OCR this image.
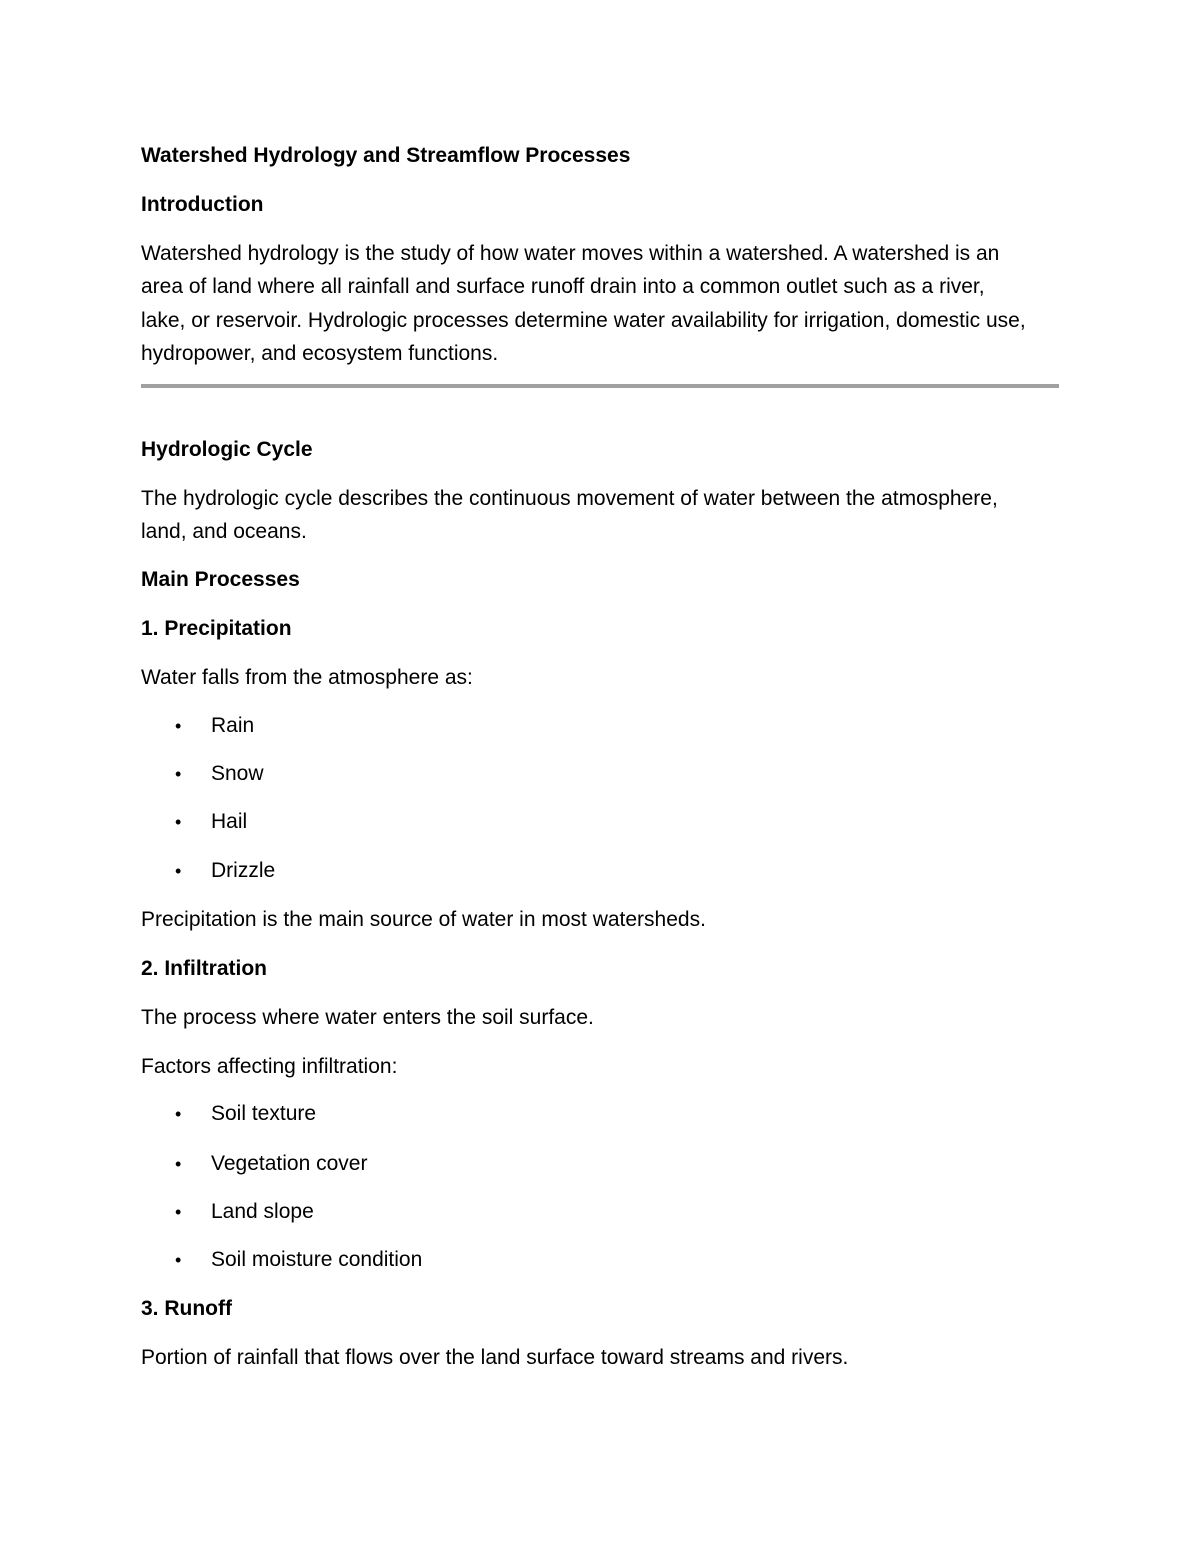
Watershed Hydrology and Streamflow Processes
Introduction
Watershed hydrology is the study of how water moves within a watershed. A watershed is an
area of land where all rainfall and surface runoff drain into a common outlet such as a river,
lake, or reservoir. Hydrologic processes determine water availability for irrigation, domestic use,
hydropower, and ecosystem functions.
Hydrologic Cycle
The hydrologic cycle describes the continuous movement of water between the atmosphere,
land, and oceans.
Main Processes
1. Precipitation

Water falls from the atmosphere as:

• Rain
• Snow
• Hail
• Drizzle

Precipitation is the main source of water in most watersheds.

2. Infiltration

The process where water enters the soil surface.

Factors affecting infiltration:

• Soil texture
• Vegetation cover
• Land slope
• Soil moisture condition
3. Runoff

Portion of rainfall that flows over the land surface toward streams and rivers.
